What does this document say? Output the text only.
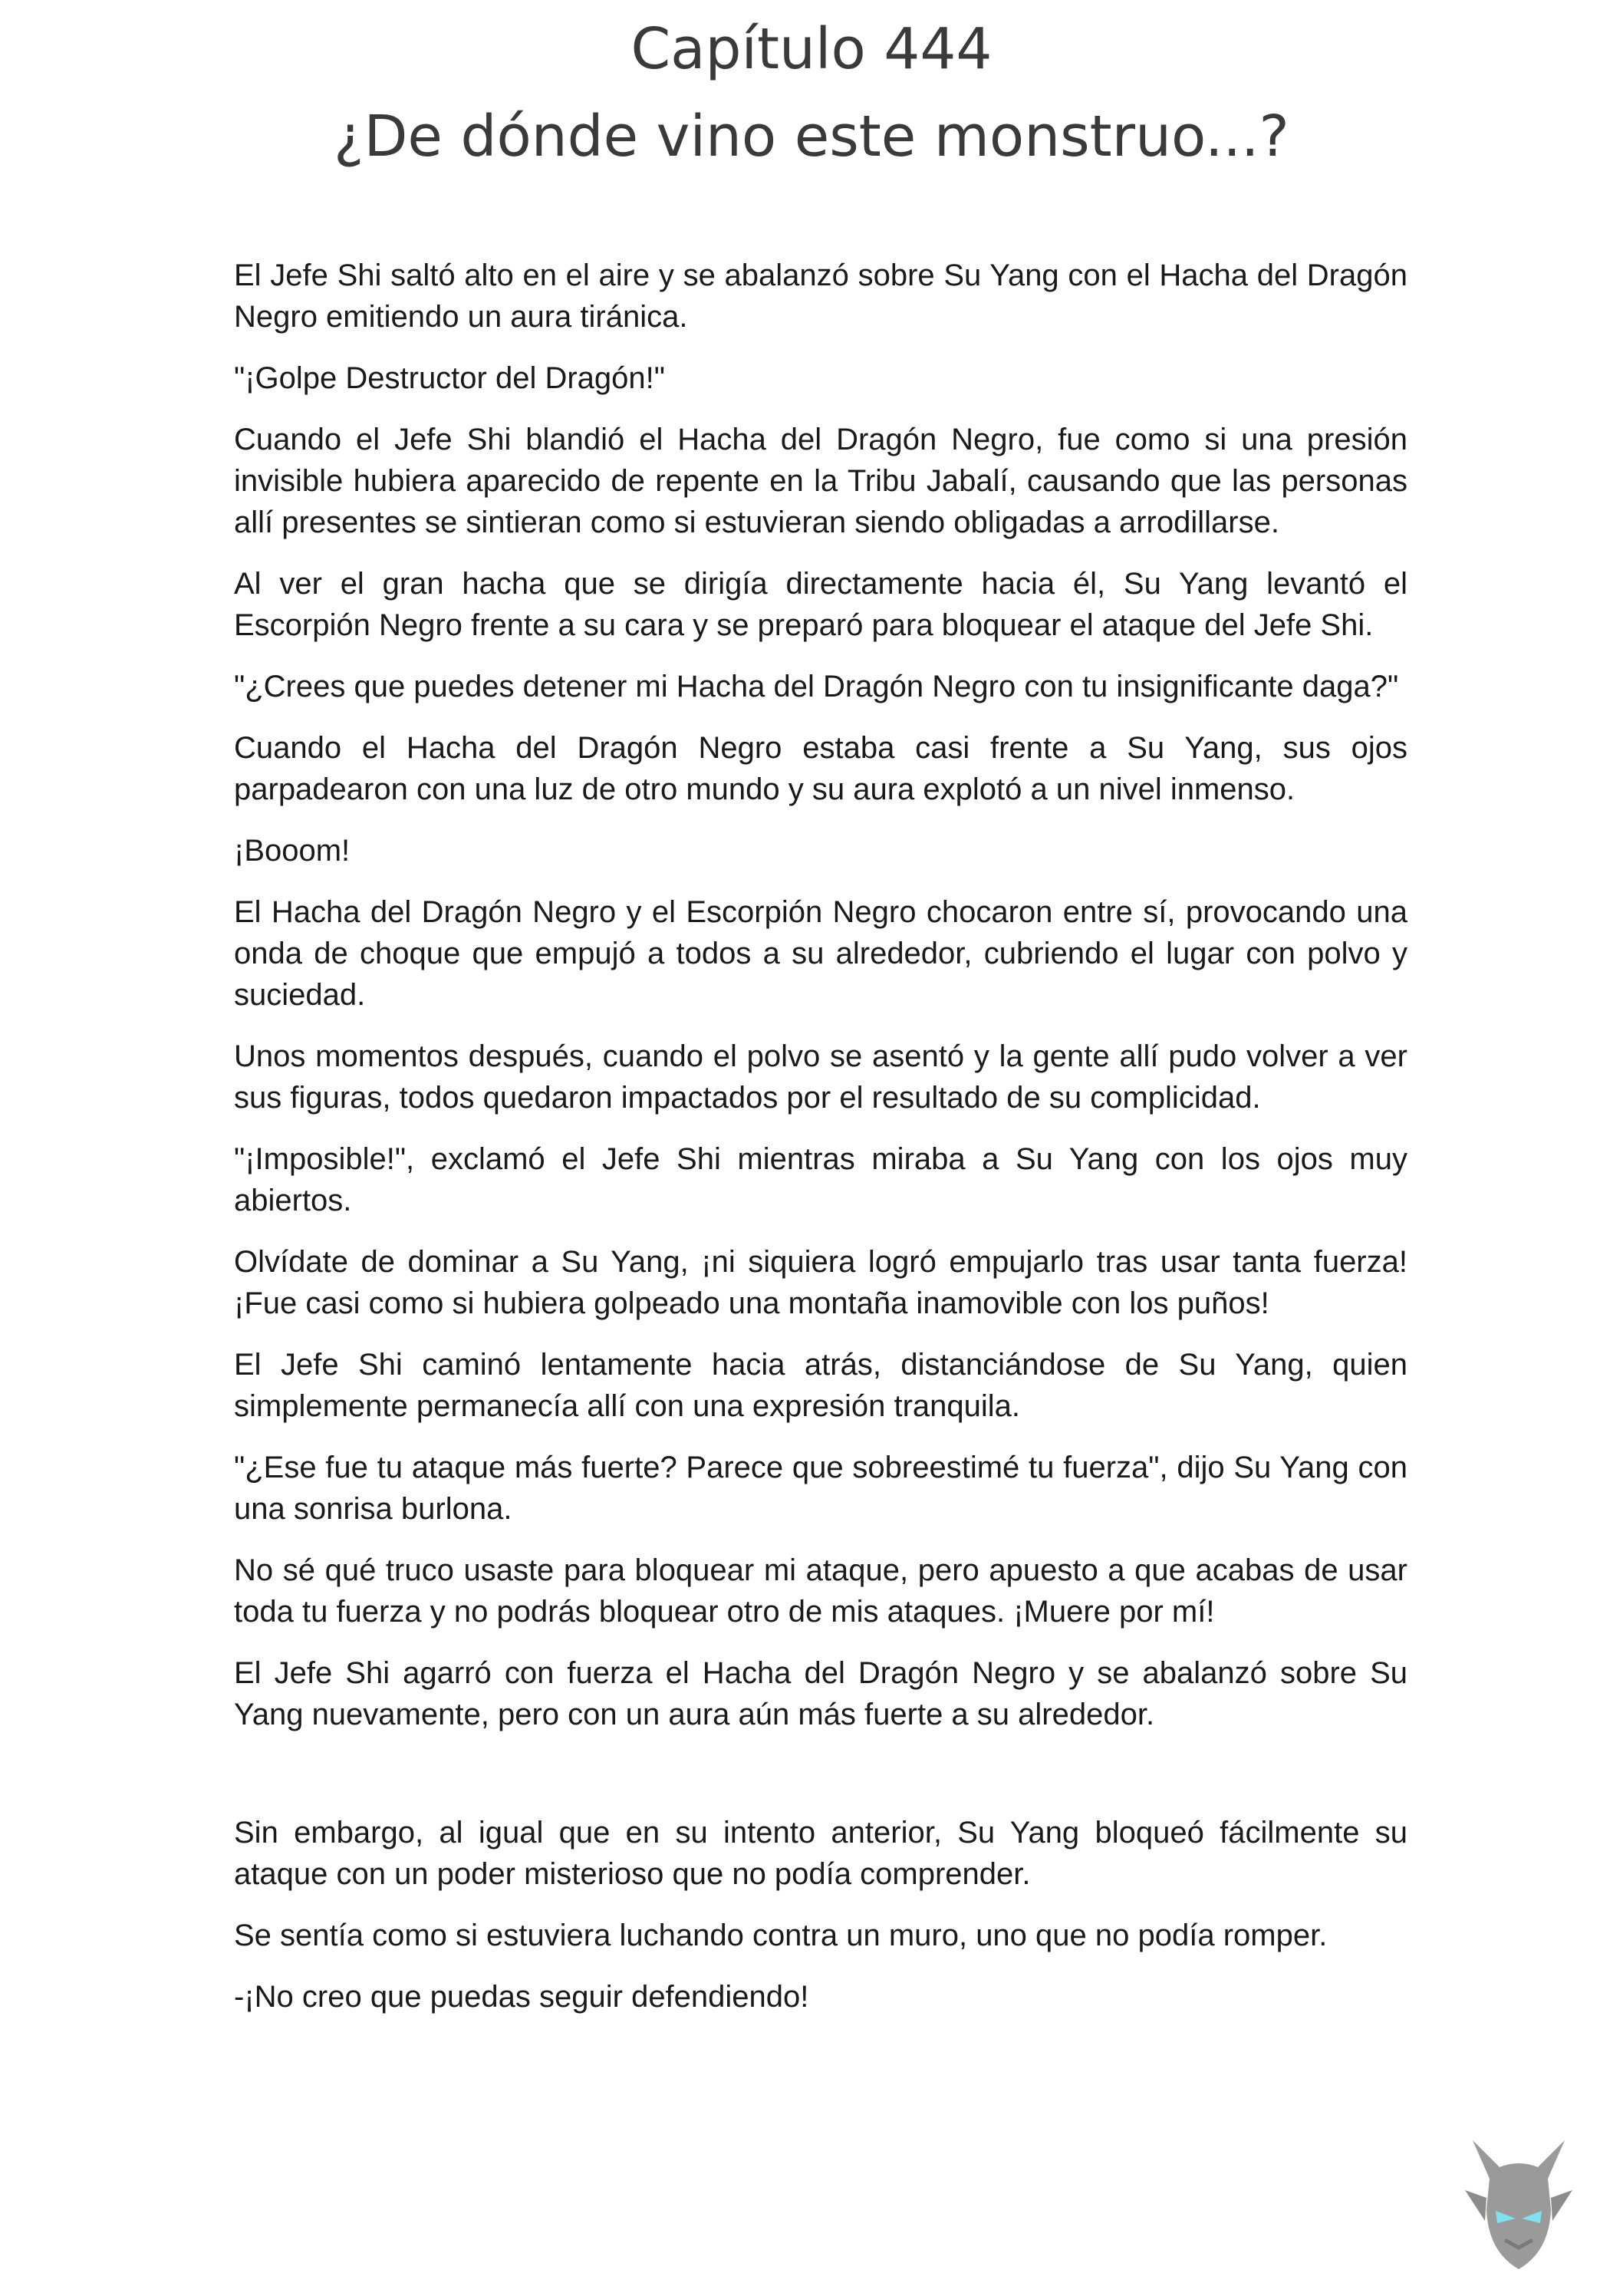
Capítulo 444
¿De dónde vino este monstruo...?

El Jefe Shi saltó alto en el aire y se abalanzó sobre Su Yang con el Hacha del Dragón Negro emitiendo un aura tiránica.

"¡Golpe Destructor del Dragón!"

Cuando el Jefe Shi blandió el Hacha del Dragón Negro, fue como si una presión invisible hubiera aparecido de repente en la Tribu Jabalí, causando que las personas allí presentes se sintieran como si estuvieran siendo obligadas a arrodillarse.

Al ver el gran hacha que se dirigía directamente hacia él, Su Yang levantó el Escorpión Negro frente a su cara y se preparó para bloquear el ataque del Jefe Shi.

"¿Crees que puedes detener mi Hacha del Dragón Negro con tu insignificante daga?"

Cuando el Hacha del Dragón Negro estaba casi frente a Su Yang, sus ojos parpadearon con una luz de otro mundo y su aura explotó a un nivel inmenso.

¡Booom!

El Hacha del Dragón Negro y el Escorpión Negro chocaron entre sí, provocando una onda de choque que empujó a todos a su alrededor, cubriendo el lugar con polvo y suciedad.

Unos momentos después, cuando el polvo se asentó y la gente allí pudo volver a ver sus figuras, todos quedaron impactados por el resultado de su complicidad.

"¡Imposible!", exclamó el Jefe Shi mientras miraba a Su Yang con los ojos muy abiertos.

Olvídate de dominar a Su Yang, ¡ni siquiera logró empujarlo tras usar tanta fuerza! ¡Fue casi como si hubiera golpeado una montaña inamovible con los puños!

El Jefe Shi caminó lentamente hacia atrás, distanciándose de Su Yang, quien simplemente permanecía allí con una expresión tranquila.

"¿Ese fue tu ataque más fuerte? Parece que sobreestimé tu fuerza", dijo Su Yang con una sonrisa burlona.

No sé qué truco usaste para bloquear mi ataque, pero apuesto a que acabas de usar toda tu fuerza y no podrás bloquear otro de mis ataques. ¡Muere por mí!

El Jefe Shi agarró con fuerza el Hacha del Dragón Negro y se abalanzó sobre Su Yang nuevamente, pero con un aura aún más fuerte a su alrededor.

Sin embargo, al igual que en su intento anterior, Su Yang bloqueó fácilmente su ataque con un poder misterioso que no podía comprender.

Se sentía como si estuviera luchando contra un muro, uno que no podía romper.

-¡No creo que puedas seguir defendiendo!
